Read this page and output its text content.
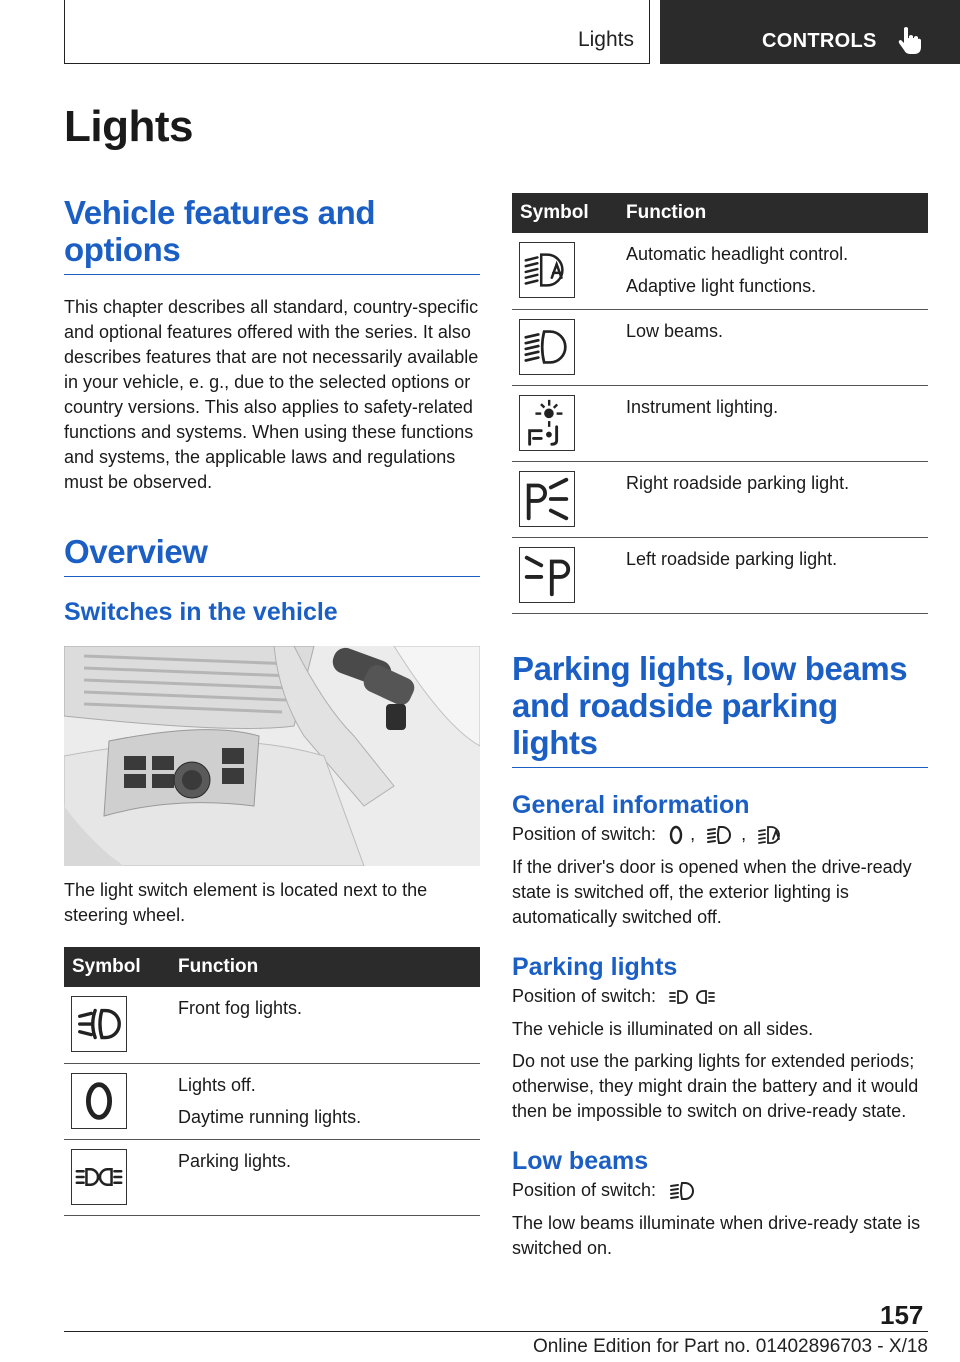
Lights	CONTROLS
Lights
Vehicle features and options
This chapter describes all standard, country-specific and optional features offered with the series. It also describes features that are not necessarily available in your vehicle, e. g., due to the selected options or country versions. This also applies to safety-related functions and systems. When using these functions and systems, the applicable laws and regulations must be observed.
Overview
Switches in the vehicle
The light switch element is located next to the steering wheel.
Symbol	Function

Front fog lights.

Lights off.
Daytime running lights.

Parking lights.
Symbol	Function

Automatic headlight control.
Adaptive light functions.

Low beams.

Instrument lighting.

Right roadside parking light.

Left roadside parking light.
Parking lights, low beams and roadside parking lights
General information
Position of switch: ,	,
If the driver's door is opened when the drive-ready state is switched off, the exterior lighting is automatically switched off.
Parking lights
Position of switch:
The vehicle is illuminated on all sides.
Do not use the parking lights for extended periods; otherwise, they might drain the battery and it would then be impossible to switch on drive-ready state.
Low beams
Position of switch:
The low beams illuminate when drive-ready state is switched on.
157
Online Edition for Part no. 01402896703 - X/18
